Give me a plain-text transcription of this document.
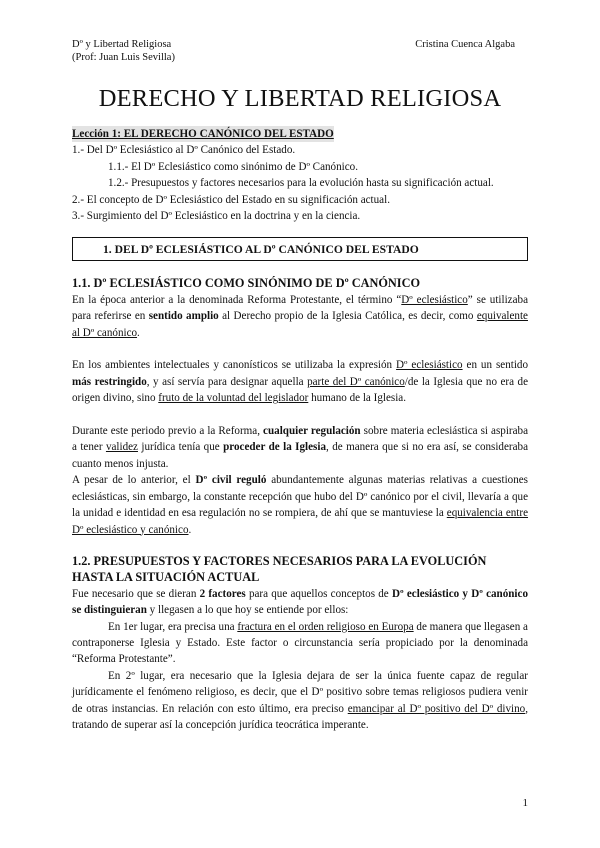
Dº y Libertad Religiosa
(Prof: Juan Luis Sevilla)
Cristina Cuenca Algaba
DERECHO Y LIBERTAD RELIGIOSA
Lección 1: EL DERECHO CANÓNICO DEL ESTADO
1.- Del Dº Eclesiástico al Dº Canónico del Estado.
1.1.- El Dº Eclesiástico como sinónimo de Dº Canónico.
1.2.- Presupuestos y factores necesarios para la evolución hasta su significación actual.
2.- El concepto de Dº Eclesiástico del Estado en su significación actual.
3.- Surgimiento del Dº Eclesiástico en la doctrina y en la ciencia.
1. DEL Dº ECLESIÁSTICO AL Dº CANÓNICO DEL ESTADO
1.1. Dº ECLESIÁSTICO COMO SINÓNIMO DE Dº CANÓNICO

En la época anterior a la denominada Reforma Protestante, el término “Dº eclesiástico” se utilizaba para referirse en sentido amplio al Derecho propio de la Iglesia Católica, es decir, como equivalente al Dº canónico.

En los ambientes intelectuales y canonísticos se utilizaba la expresión Dº eclesiástico en un sentido más restringido, y así servía para designar aquella parte del Dº canónico/de la Iglesia que no era de origen divino, sino fruto de la voluntad del legislador humano de la Iglesia.

Durante este periodo previo a la Reforma, cualquier regulación sobre materia eclesiástica si aspiraba a tener validez jurídica tenía que proceder de la Iglesia, de manera que si no era así, se consideraba cuanto menos injusta.

A pesar de lo anterior, el Dº civil reguló abundantemente algunas materias relativas a cuestiones eclesiásticas, sin embargo, la constante recepción que hubo del Dº canónico por el civil, llevaría a que la unidad e identidad en esa regulación no se rompiera, de ahí que se mantuviese la equivalencia entre Dº eclesiástico y canónico.

1.2. PRESUPUESTOS Y FACTORES NECESARIOS PARA LA EVOLUCIÓN HASTA LA SITUACIÓN ACTUAL

Fue necesario que se dieran 2 factores para que aquellos conceptos de Dº eclesiástico y Dº canónico se distinguieran y llegasen a lo que hoy se entiende por ellos:

En 1er lugar, era precisa una fractura en el orden religioso en Europa de manera que llegasen a contraponerse Iglesia y Estado. Este factor o circunstancia sería propiciado por la denominada “Reforma Protestante”.

En 2º lugar, era necesario que la Iglesia dejara de ser la única fuente capaz de regular jurídicamente el fenómeno religioso, es decir, que el Dº positivo sobre temas religiosos pudiera venir de otras instancias. En relación con esto último, era preciso emancipar al Dº positivo del Dº divino, tratando de superar así la concepción jurídica teocrática imperante.

1
